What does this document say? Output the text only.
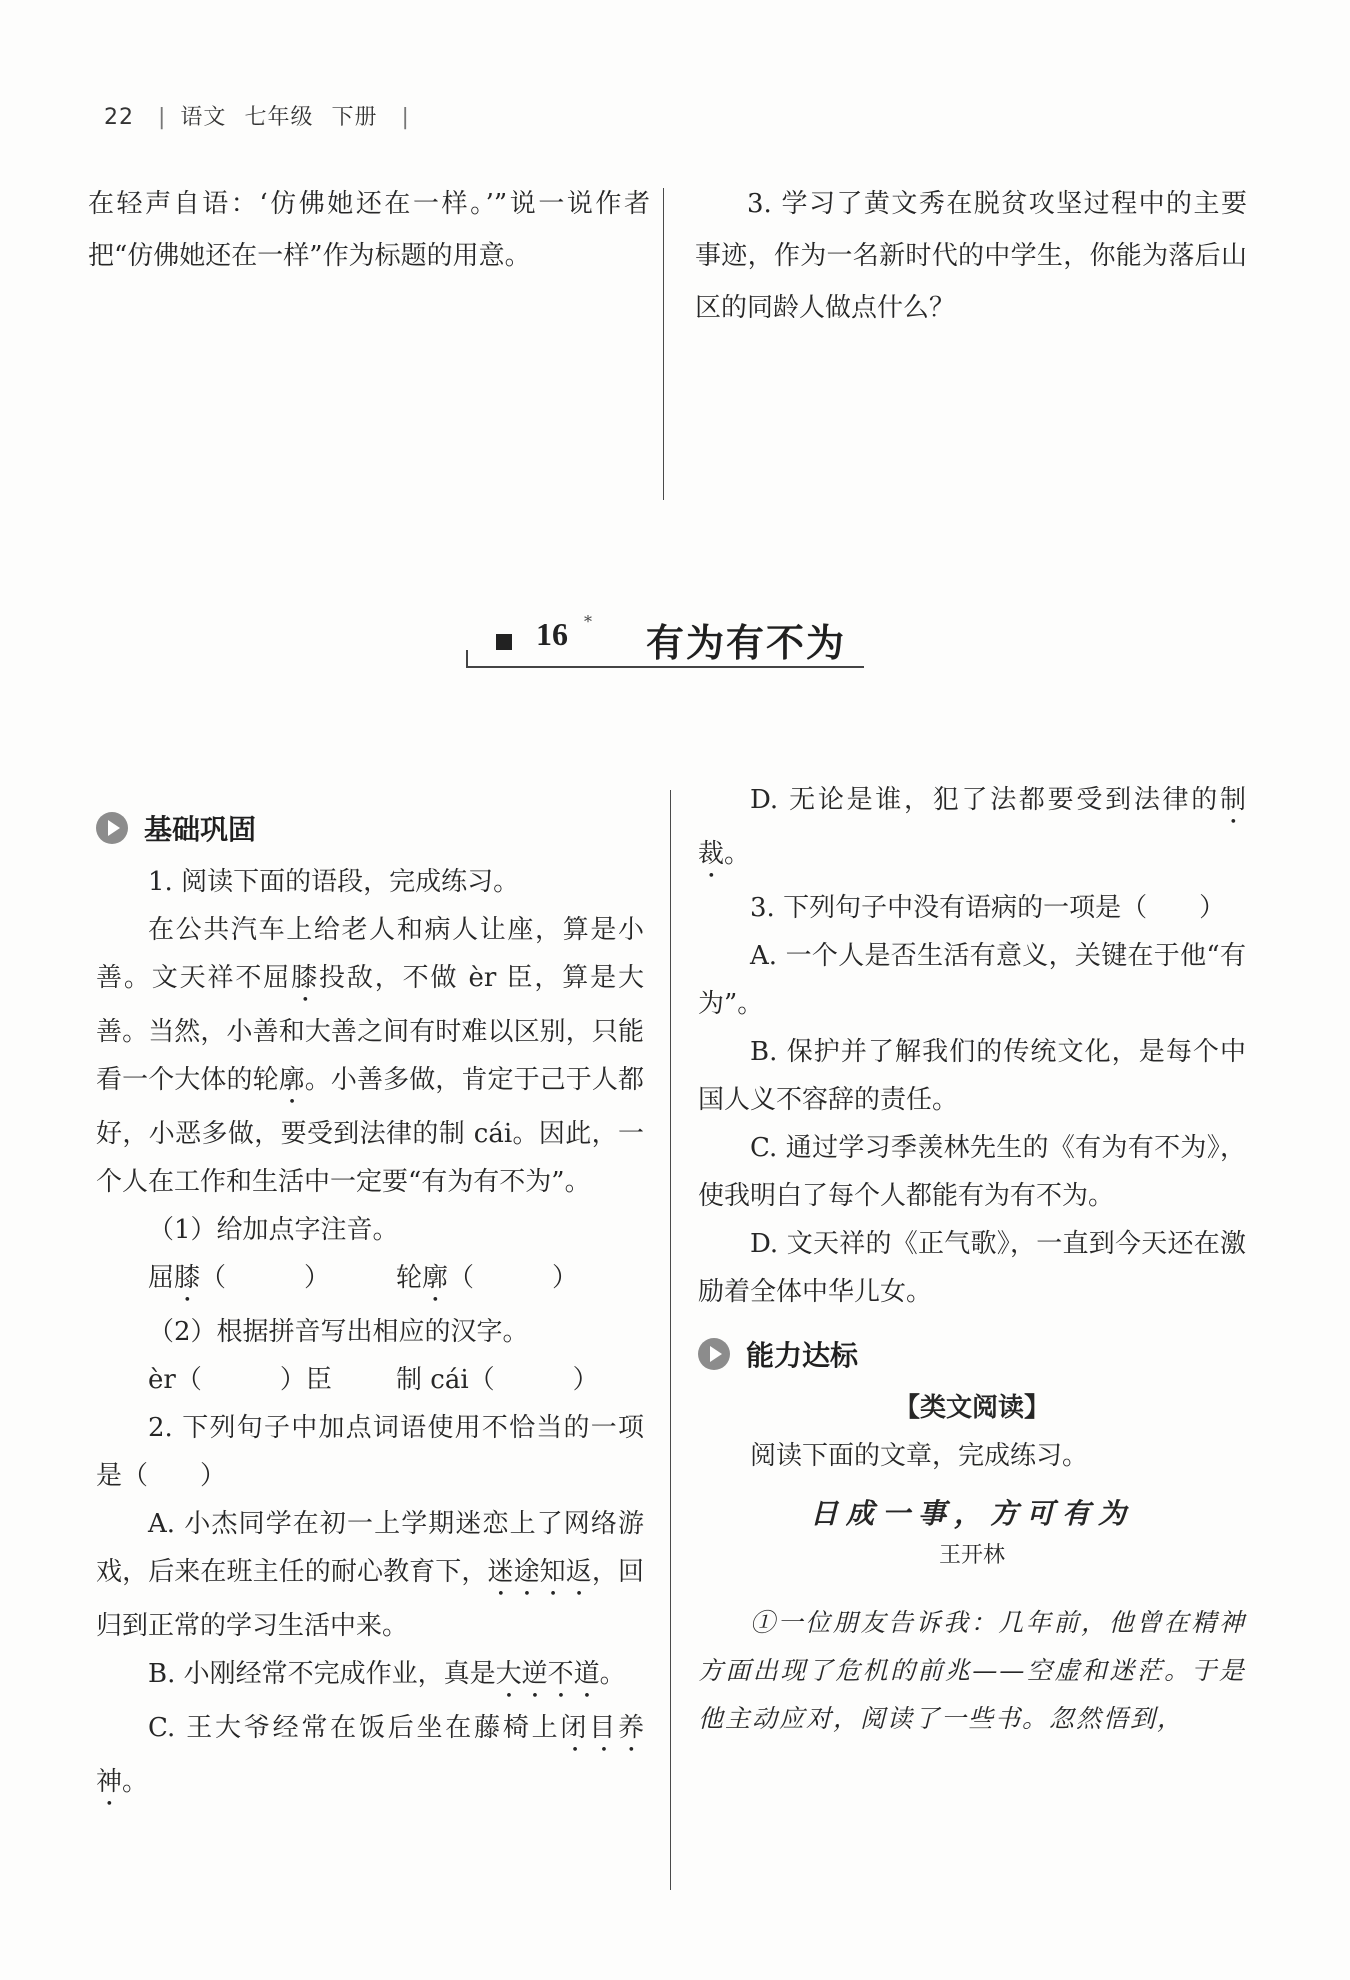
22 | 语文 七年级 下册 |
在轻声自语：‘仿佛她还在一样。’”说一说作者把“仿佛她还在一样”作为标题的用意。
3. 学习了黄文秀在脱贫攻坚过程中的主要事迹，作为一名新时代的中学生，你能为落后山区的同龄人做点什么？
16 * 有为有不为
基础巩固

1. 阅读下面的语段，完成练习。

在公共汽车上给老人和病人让座，算是小善。文天祥不屈膝投敌，不做 èr 臣，算是大善。当然，小善和大善之间有时难以区别，只能看一个大体的轮廓。小善多做，肯定于己于人都好，小恶多做，要受到法律的制 cái。因此，一个人在工作和生活中一定要“有为有不为”。

（1）给加点字注音。

屈膝（　　　）	轮廓（　　　）

（2）根据拼音写出相应的汉字。

èr（　　　）臣	制 cái（　　　）

2. 下列句子中加点词语使用不恰当的一项是（　　）

A. 小杰同学在初一上学期迷恋上了网络游戏，后来在班主任的耐心教育下，迷途知返，回归到正常的学习生活中来。

B. 小刚经常不完成作业，真是大逆不道。

C. 王大爷经常在饭后坐在藤椅上闭目养神。

D. 无论是谁，犯了法都要受到法律的制裁。

3. 下列句子中没有语病的一项是（　　）

A. 一个人是否生活有意义，关键在于他“有为”。

B. 保护并了解我们的传统文化，是每个中国人义不容辞的责任。

C. 通过学习季羡林先生的《有为有不为》，使我明白了每个人都能有为有不为。

D. 文天祥的《正气歌》，一直到今天还在激励着全体中华儿女。

能力达标
【类文阅读】

阅读下面的文章，完成练习。

日成一事，方可有为
王开林

①一位朋友告诉我：几年前，他曾在精神方面出现了危机的前兆——空虚和迷茫。于是他主动应对，阅读了一些书。忽然悟到，
